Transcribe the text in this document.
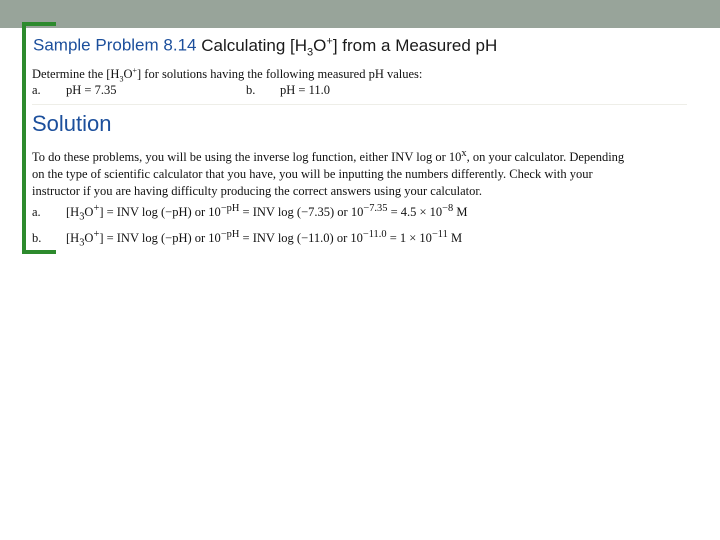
Sample Problem 8.14 Calculating $[H_3O^+]$ from a Measured pH
Determine the $[H_3O^+]$ for solutions having the following measured pH values:
a. pH = 7.35	b. pH = 11.0
Solution
To do these problems, you will be using the inverse log function, either INV log or 10$^x$, on your calculator. Depending on the type of scientific calculator that you have, you will be inputting the numbers differently. Check with your instructor if you are having difficulty producing the correct answers using your calculator.
a. $[H_3O^+]$ = INV log (−pH) or $10^{-pH}$ = INV log (−7.35) or $10^{-7.35} = 4.5 \times 10^{-8}$ M
b. $[H_3O^+]$ = INV log (−pH) or $10^{-pH}$ = INV log (−11.0) or $10^{-11.0} = 1 \times 10^{-11}$ M
